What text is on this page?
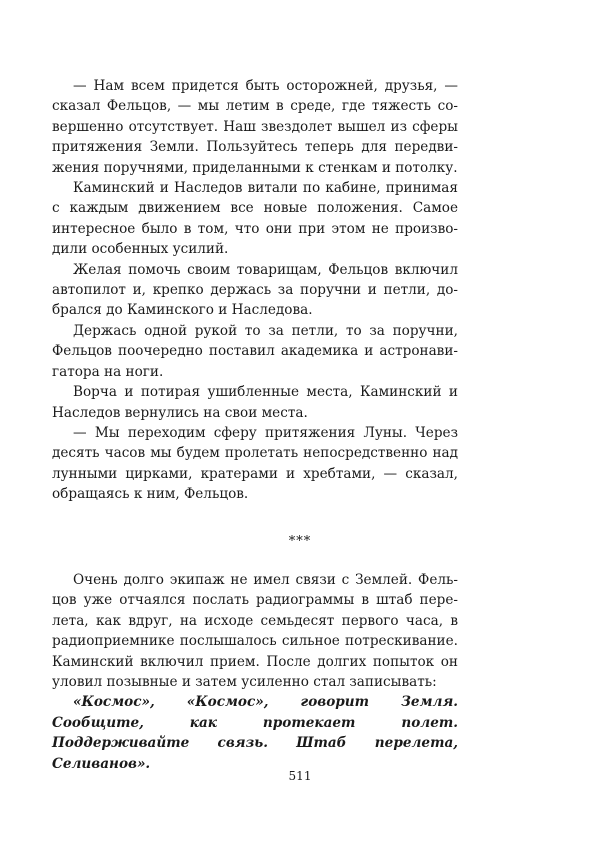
— Нам всем придется быть осторожней, друзья, — сказал Фельцов, — мы летим в среде, где тяжесть совершенно отсутствует. Наш звездолет вышел из сферы притяжения Земли. Пользуйтесь теперь для передвижения поручнями, приделанными к стенкам и потолку.

Каминский и Наследов витали по кабине, принимая с каждым движением все новые положения. Самое интересное было в том, что они при этом не производили особенных усилий.

Желая помочь своим товарищам, Фельцов включил автопилот и, крепко держась за поручни и петли, добрался до Каминского и Наследова.

Держась одной рукой то за петли, то за поручни, Фельцов поочередно поставил академика и астронавигатора на ноги.

Ворча и потирая ушибленные места, Каминский и Наследов вернулись на свои места.

— Мы переходим сферу притяжения Луны. Через десять часов мы будем пролетать непосредственно над лунными цирками, кратерами и хребтами, — сказал, обращаясь к ним, Фельцов.

***

Очень долго экипаж не имел связи с Землей. Фельцов уже отчаялся послать радиограммы в штаб перелета, как вдруг, на исходе семьдесят первого часа, в радиоприемнике послышалось сильное потрескивание. Каминский включил прием. После долгих попыток он уловил позывные и затем усиленно стал записывать:

«Космос», «Космос», говорит Земля. Сообщите, как протекает полет. Поддерживайте связь. Штаб перелета, Селиванов».

511
